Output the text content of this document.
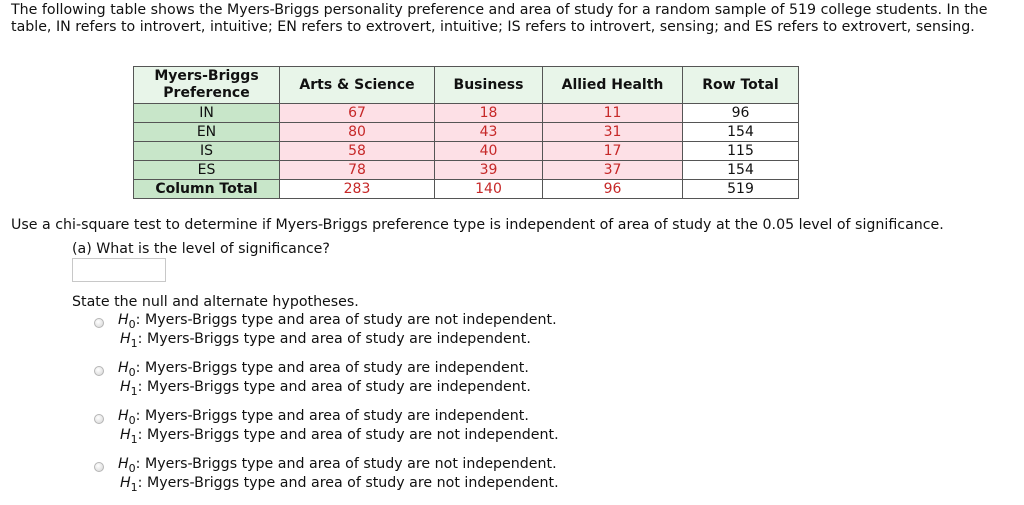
The following table shows the Myers-Briggs personality preference and area of study for a random sample of 519 college students. In the table, IN refers to introvert, intuitive; EN refers to extrovert, intuitive; IS refers to introvert, sensing; and ES refers to extrovert, sensing.
Myers-Briggs Preference	Arts & Science	Business	Allied Health	Row Total
IN	67	18	11	96
EN	80	43	31	154
IS	58	40	17	115
ES	78	39	37	154
Column Total	283	140	96	519
Use a chi-square test to determine if Myers-Briggs preference type is independent of area of study at the 0.05 level of significance.
(a) What is the level of significance?
State the null and alternate hypotheses.
$H_0$: Myers-Briggs type and area of study are not independent.
$H_1$: Myers-Briggs type and area of study are independent.
$H_0$: Myers-Briggs type and area of study are independent.
$H_1$: Myers-Briggs type and area of study are independent.
$H_0$: Myers-Briggs type and area of study are independent.
$H_1$: Myers-Briggs type and area of study are not independent.
$H_0$: Myers-Briggs type and area of study are not independent.
$H_1$: Myers-Briggs type and area of study are not independent.
